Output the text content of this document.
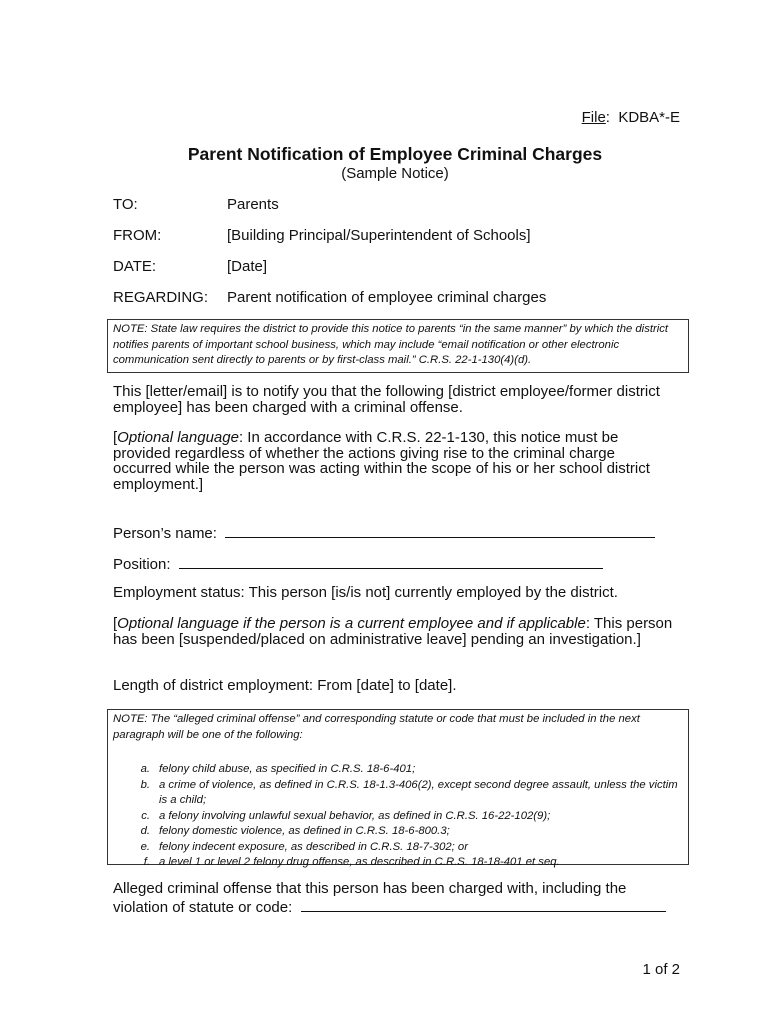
File: KDBA*-E
Parent Notification of Employee Criminal Charges
(Sample Notice)
TO:	Parents
FROM:	[Building Principal/Superintendent of Schools]
DATE:	[Date]
REGARDING: Parent notification of employee criminal charges
NOTE: State law requires the district to provide this notice to parents “in the same manner” by which the district notifies parents of important school business, which may include “email notification or other electronic communication sent directly to parents or by first-class mail.” C.R.S. 22-1-130(4)(d).
This [letter/email] is to notify you that the following [district employee/former district employee] has been charged with a criminal offense.
[Optional language: In accordance with C.R.S. 22-1-130, this notice must be provided regardless of whether the actions giving rise to the criminal charge occurred while the person was acting within the scope of his or her school district employment.]
Person’s name:
Position:
Employment status: This person [is/is not] currently employed by the district.
[Optional language if the person is a current employee and if applicable: This person has been [suspended/placed on administrative leave] pending an investigation.]
Length of district employment: From [date] to [date].
NOTE: The “alleged criminal offense” and corresponding statute or code that must be included in the next paragraph will be one of the following:
a. felony child abuse, as specified in C.R.S. 18-6-401;
b. a crime of violence, as defined in C.R.S. 18-1.3-406(2), except second degree assault, unless the victim is a child;
c. a felony involving unlawful sexual behavior, as defined in C.R.S. 16-22-102(9);
d. felony domestic violence, as defined in C.R.S. 18-6-800.3;
e. felony indecent exposure, as described in C.R.S. 18-7-302; or
f. a level 1 or level 2 felony drug offense, as described in C.R.S. 18-18-401 et seq.
Alleged criminal offense that this person has been charged with, including the
violation of statute or code:
1 of 2
